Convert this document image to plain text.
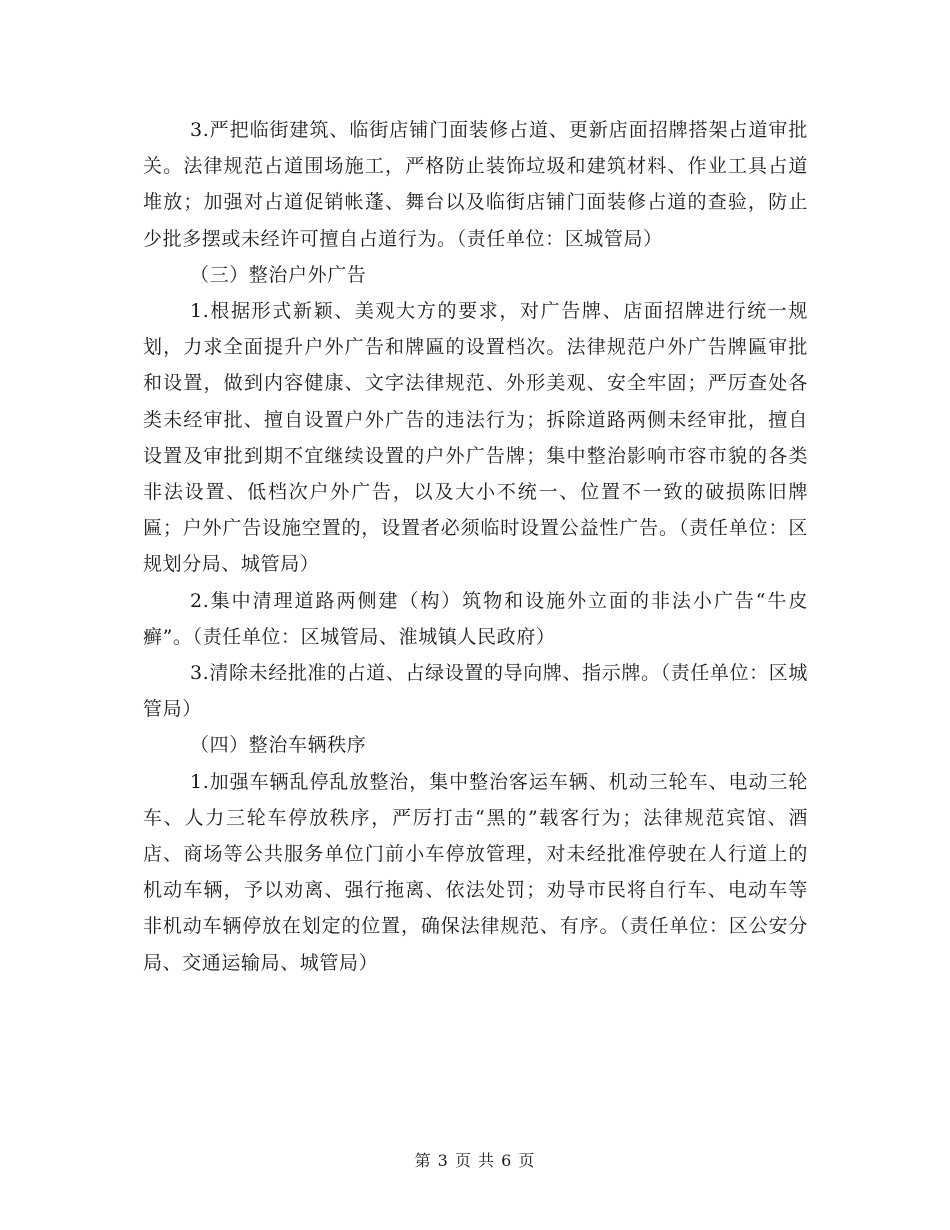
3.严把临街建筑、临街店铺门面装修占道、更新店面招牌搭架占道审批关。法律规范占道围场施工，严格防止装饰垃圾和建筑材料、作业工具占道堆放；加强对占道促销帐蓬、舞台以及临街店铺门面装修占道的查验，防止少批多摆或未经许可擅自占道行为。（责任单位：区城管局）

（三）整治户外广告

1.根据形式新颖、美观大方的要求，对广告牌、店面招牌进行统一规划，力求全面提升户外广告和牌匾的设置档次。法律规范户外广告牌匾审批和设置，做到内容健康、文字法律规范、外形美观、安全牢固；严厉查处各类未经审批、擅自设置户外广告的违法行为；拆除道路两侧未经审批，擅自设置及审批到期不宜继续设置的户外广告牌；集中整治影响市容市貌的各类非法设置、低档次户外广告，以及大小不统一、位置不一致的破损陈旧牌匾；户外广告设施空置的，设置者必须临时设置公益性广告。（责任单位：区规划分局、城管局）

2.集中清理道路两侧建（构）筑物和设施外立面的非法小广告“牛皮癣”。（责任单位：区城管局、淮城镇人民政府）

3.清除未经批准的占道、占绿设置的导向牌、指示牌。（责任单位：区城管局）

（四）整治车辆秩序

1.加强车辆乱停乱放整治，集中整治客运车辆、机动三轮车、电动三轮车、人力三轮车停放秩序，严厉打击“黑的”载客行为；法律规范宾馆、酒店、商场等公共服务单位门前小车停放管理，对未经批准停驶在人行道上的机动车辆，予以劝离、强行拖离、依法处罚；劝导市民将自行车、电动车等非机动车辆停放在划定的位置，确保法律规范、有序。（责任单位：区公安分局、交通运输局、城管局）

第 3 页 共 6 页
